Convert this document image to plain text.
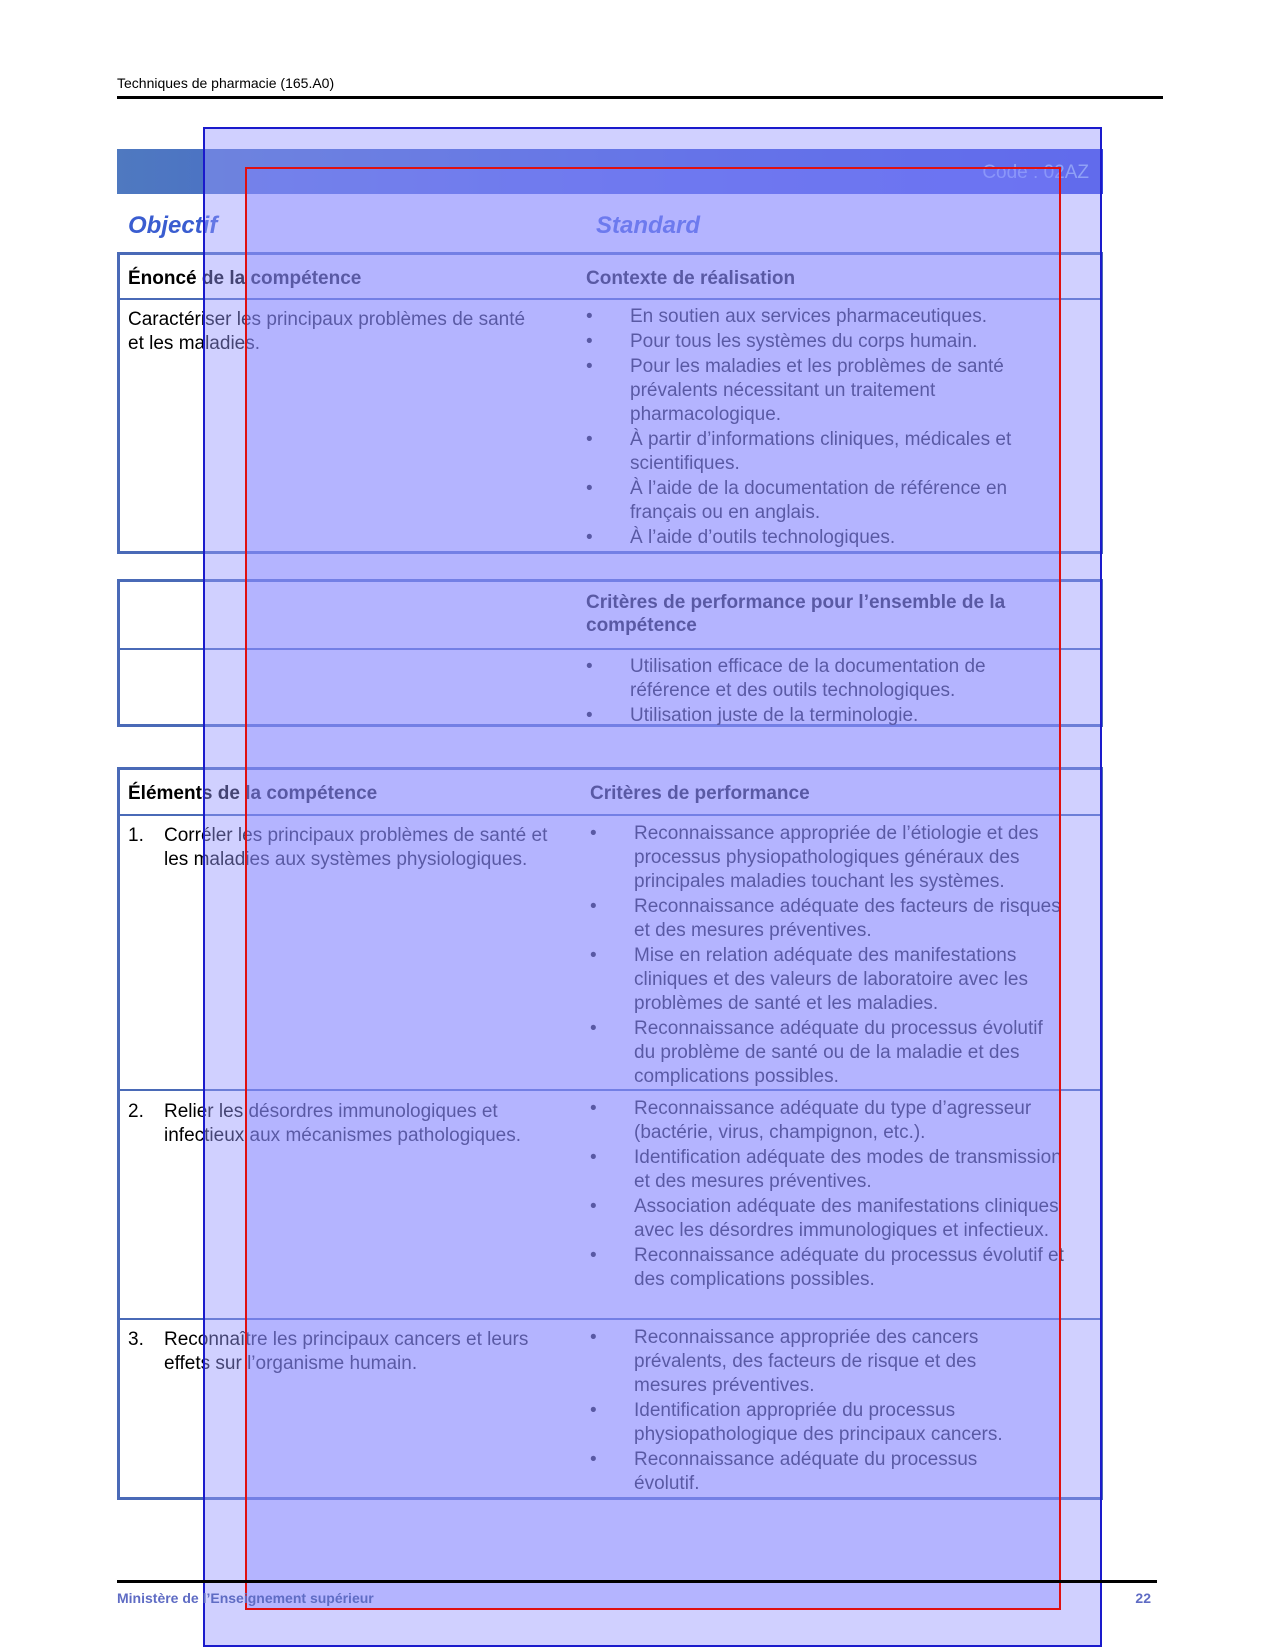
Techniques de pharmacie (165.A0)
Code : 02AZ
Objectif	Standard
Énoncé de la compétence	Contexte de réalisation
Caractériser les principaux problèmes de santé
et les maladies.
• En soutien aux services pharmaceutiques.
• Pour tous les systèmes du corps humain.
• Pour les maladies et les problèmes de santé prévalents nécessitant un traitement pharmacologique.
• À partir d’informations cliniques, médicales et scientifiques.
• À l’aide de la documentation de référence en français ou en anglais.
• À l’aide d’outils technologiques.
Critères de performance pour l’ensemble de la compétence
• Utilisation efficace de la documentation de référence et des outils technologiques.
• Utilisation juste de la terminologie.
Éléments de la compétence	Critères de performance
1. Corréler les principaux problèmes de santé et les maladies aux systèmes physiologiques.
• Reconnaissance appropriée de l’étiologie et des processus physiopathologiques généraux des principales maladies touchant les systèmes.
• Reconnaissance adéquate des facteurs de risques et des mesures préventives.
• Mise en relation adéquate des manifestations cliniques et des valeurs de laboratoire avec les problèmes de santé et les maladies.
• Reconnaissance adéquate du processus évolutif du problème de santé ou de la maladie et des complications possibles.
2. Relier les désordres immunologiques et infectieux aux mécanismes pathologiques.
• Reconnaissance adéquate du type d’agresseur (bactérie, virus, champignon, etc.).
• Identification adéquate des modes de transmission et des mesures préventives.
• Association adéquate des manifestations cliniques avec les désordres immunologiques et infectieux.
• Reconnaissance adéquate du processus évolutif et des complications possibles.
3. Reconnaître les principaux cancers et leurs effets sur l’organisme humain.
• Reconnaissance appropriée des cancers prévalents, des facteurs de risque et des mesures préventives.
• Identification appropriée du processus physiopathologique des principaux cancers.
• Reconnaissance adéquate du processus évolutif.
Ministère de l’Enseignement supérieur	22
